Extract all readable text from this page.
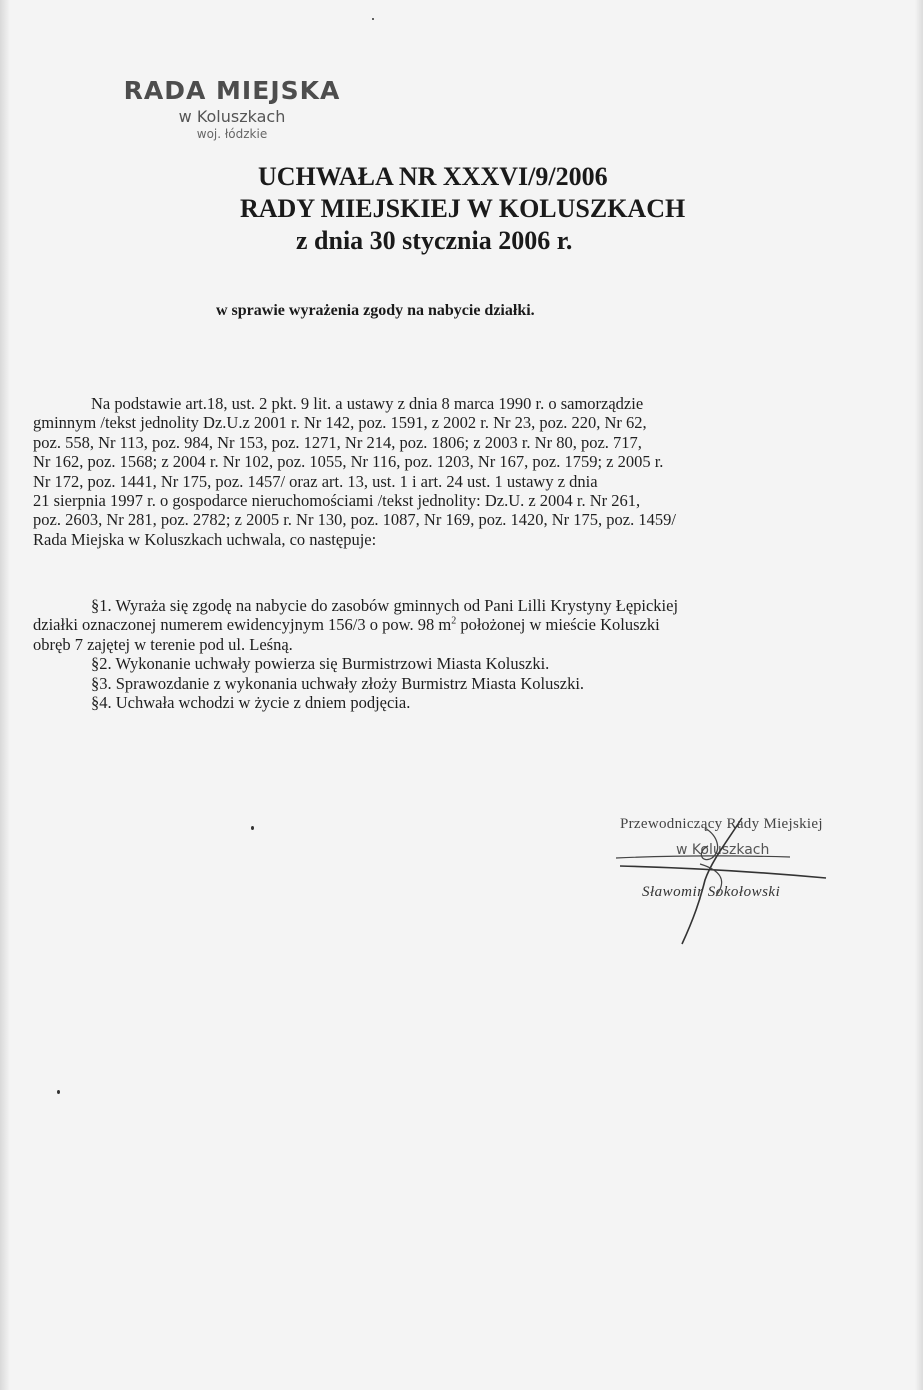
RADA MIEJSKA
w Koluszkach
woj. łódzkie
UCHWAŁA NR XXXVI/9/2006
RADY MIEJSKIEJ W KOLUSZKACH
z dnia 30 stycznia 2006 r.
w sprawie wyrażenia zgody na nabycie działki.
Na podstawie art.18, ust. 2 pkt. 9 lit. a ustawy z dnia 8 marca 1990 r. o samorządzie
gminnym /tekst jednolity Dz.U.z 2001 r. Nr 142, poz. 1591, z 2002 r. Nr 23, poz. 220, Nr 62,
poz. 558, Nr 113, poz. 984, Nr 153, poz. 1271, Nr 214, poz. 1806; z 2003 r. Nr 80, poz. 717,
Nr 162, poz. 1568; z 2004 r. Nr 102, poz. 1055, Nr 116, poz. 1203, Nr 167, poz. 1759; z 2005 r.
Nr 172, poz. 1441, Nr 175, poz. 1457/ oraz art. 13, ust. 1 i art. 24 ust. 1 ustawy z dnia
21 sierpnia 1997 r. o gospodarce nieruchomościami /tekst jednolity: Dz.U. z 2004 r. Nr 261,
poz. 2603, Nr 281, poz. 2782; z 2005 r. Nr 130, poz. 1087, Nr 169, poz. 1420, Nr 175, poz. 1459/
Rada Miejska w Koluszkach uchwala, co następuje:
§1. Wyraża się zgodę na nabycie do zasobów gminnych od Pani Lilli Krystyny Łępickiej
działki oznaczonej numerem ewidencyjnym 156/3 o pow. 98 $m^2$ położonej w mieście Koluszki
obręb 7 zajętej w terenie pod ul. Leśną.
§2. Wykonanie uchwały powierza się Burmistrzowi Miasta Koluszki.
§3. Sprawozdanie z wykonania uchwały złoży Burmistrz Miasta Koluszki.
§4. Uchwała wchodzi w życie z dniem podjęcia.
Przewodniczący Rady Miejskiej
w Koluszkach
Sławomir Sokołowski
